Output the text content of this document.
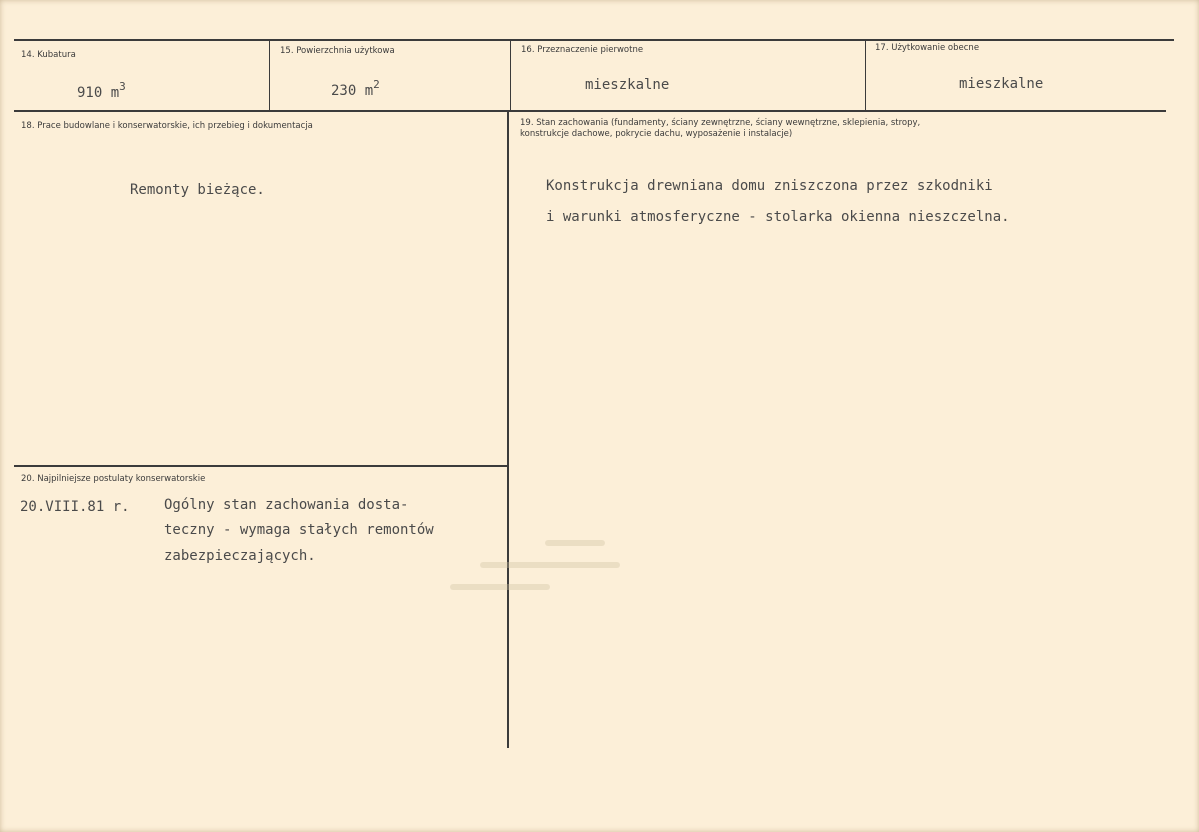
14. Kubatura
910 $m^3$
15. Powierzchnia użytkowa
230 $m^2$
16. Przeznaczenie pierwotne
mieszkalne
17. Użytkowanie obecne
mieszkalne
18. Prace budowlane i konserwatorskie, ich przebieg i dokumentacja
Remonty bieżące.
19. Stan zachowania (fundamenty, ściany zewnętrzne, ściany wewnętrzne, sklepienia, stropy,
konstrukcje dachowe, pokrycie dachu, wyposażenie i instalacje)
Konstrukcja drewniana domu zniszczona przez szkodniki
i warunki atmosferyczne - stolarka okienna nieszczelna.
20. Najpilniejsze postulaty konserwatorskie
20.VIII.81 r. Ogólny stan zachowania dosta-
teczny - wymaga stałych remontów
zabezpieczających.
